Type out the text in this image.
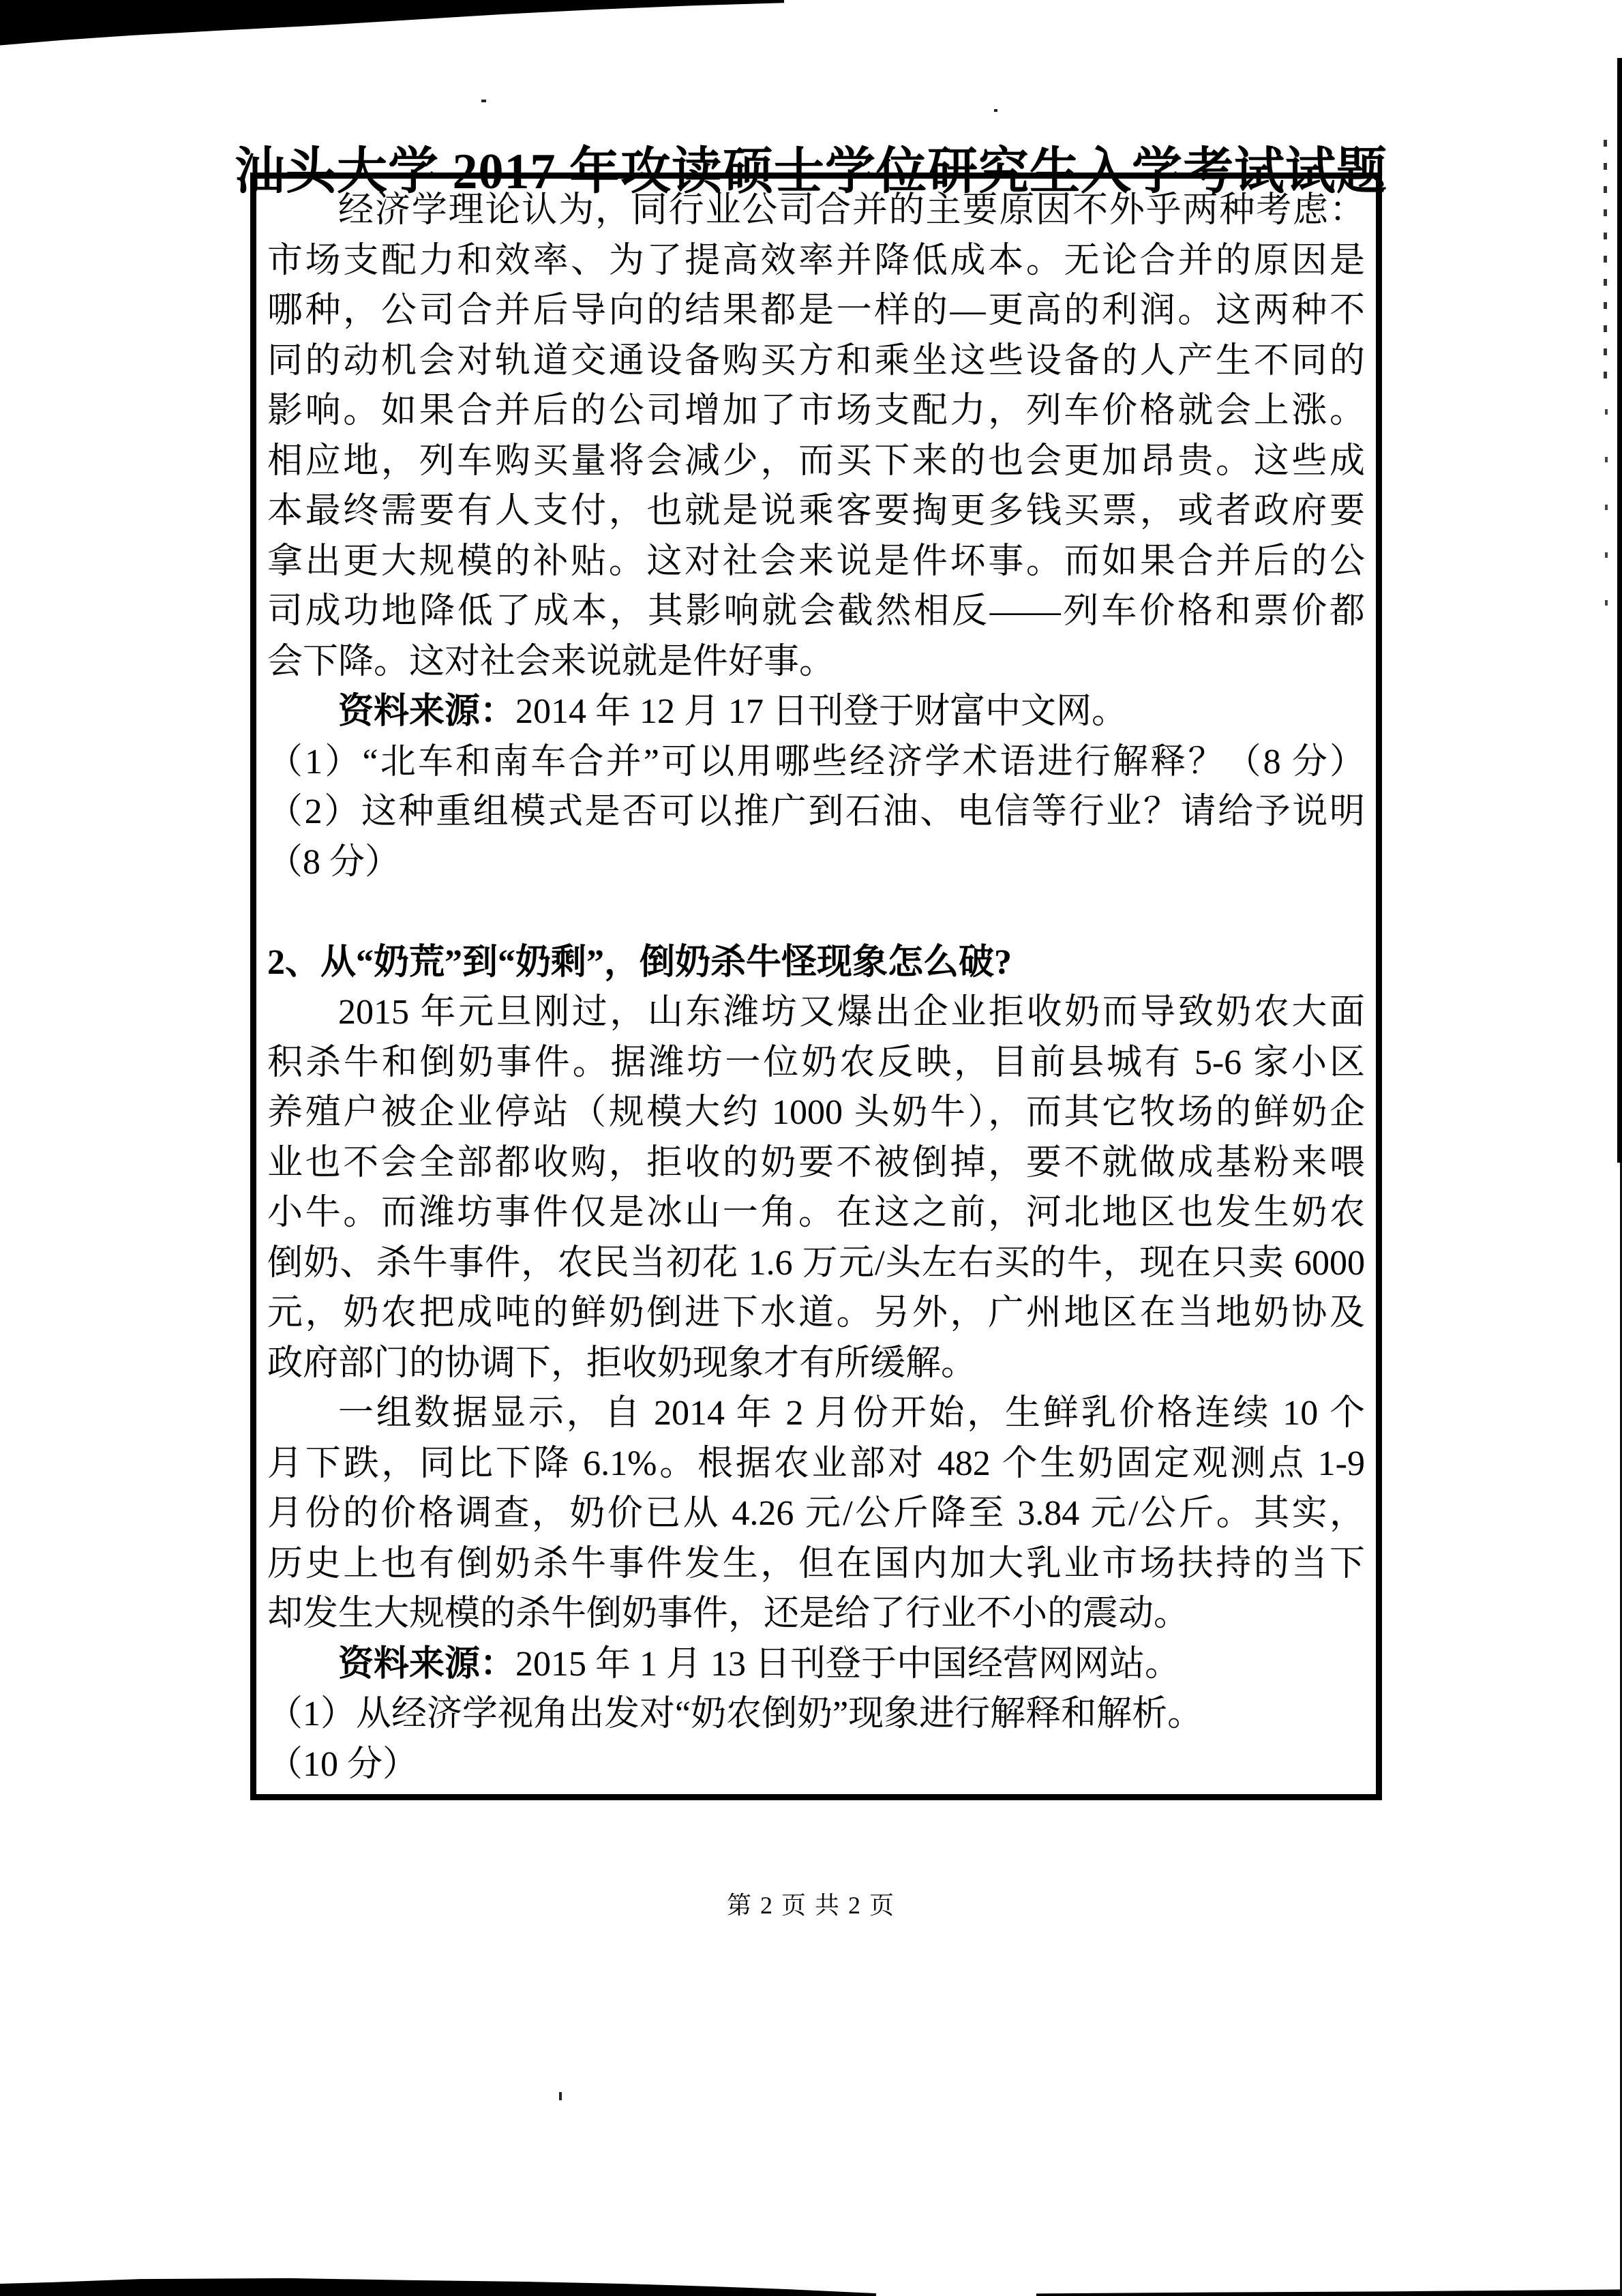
汕头大学 2017 年攻读硕士学位研究生入学考试试题
经济学理论认为，同行业公司合并的主要原因不外乎两种考虑：
市场支配力和效率、为了提高效率并降低成本。无论合并的原因是
哪种，公司合并后导向的结果都是一样的—更高的利润。这两种不
同的动机会对轨道交通设备购买方和乘坐这些设备的人产生不同的
影响。如果合并后的公司增加了市场支配力，列车价格就会上涨。
相应地，列车购买量将会减少，而买下来的也会更加昂贵。这些成
本最终需要有人支付，也就是说乘客要掏更多钱买票，或者政府要
拿出更大规模的补贴。这对社会来说是件坏事。而如果合并后的公
司成功地降低了成本，其影响就会截然相反——列车价格和票价都
会下降。这对社会来说就是件好事。
资料来源：2014 年 12 月 17 日刊登于财富中文网。
（1）“北车和南车合并”可以用哪些经济学术语进行解释？（8 分）
（2）这种重组模式是否可以推广到石油、电信等行业？请给予说明
（8 分）
2、从“奶荒”到“奶剩”，倒奶杀牛怪现象怎么破?
2015 年元旦刚过，山东潍坊又爆出企业拒收奶而导致奶农大面
积杀牛和倒奶事件。据潍坊一位奶农反映，目前县城有 5-6 家小区
养殖户被企业停站（规模大约 1000 头奶牛），而其它牧场的鲜奶企
业也不会全部都收购，拒收的奶要不被倒掉，要不就做成基粉来喂
小牛。而潍坊事件仅是冰山一角。在这之前，河北地区也发生奶农
倒奶、杀牛事件，农民当初花 1.6 万元/头左右买的牛，现在只卖 6000
元，奶农把成吨的鲜奶倒进下水道。另外，广州地区在当地奶协及
政府部门的协调下，拒收奶现象才有所缓解。
一组数据显示，自 2014 年 2 月份开始，生鲜乳价格连续 10 个
月下跌，同比下降 6.1%。根据农业部对 482 个生奶固定观测点 1-9
月份的价格调查，奶价已从 4.26 元/公斤降至 3.84 元/公斤。其实，
历史上也有倒奶杀牛事件发生，但在国内加大乳业市场扶持的当下
却发生大规模的杀牛倒奶事件，还是给了行业不小的震动。
资料来源：2015 年 1 月 13 日刊登于中国经营网网站。
（1）从经济学视角出发对“奶农倒奶”现象进行解释和解析。
（10 分）
第 2 页 共 2 页
